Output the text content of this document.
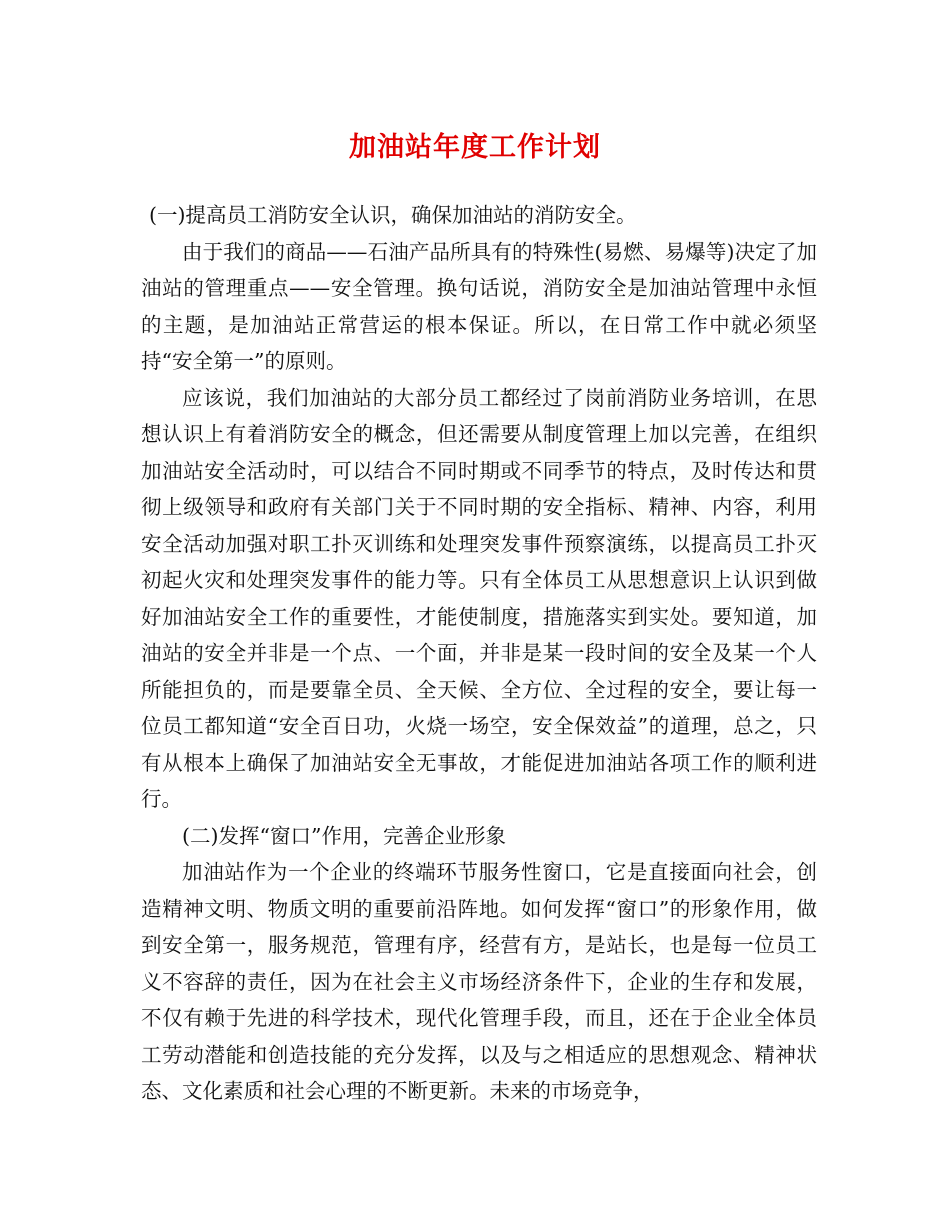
加油站年度工作计划

(一)提高员工消防安全认识，确保加油站的消防安全。

由于我们的商品——石油产品所具有的特殊性(易燃、易爆等)决定了加油站的管理重点——安全管理。换句话说，消防安全是加油站管理中永恒的主题，是加油站正常营运的根本保证。所以，在日常工作中就必须坚持“安全第一”的原则。

应该说，我们加油站的大部分员工都经过了岗前消防业务培训，在思想认识上有着消防安全的概念，但还需要从制度管理上加以完善，在组织加油站安全活动时，可以结合不同时期或不同季节的特点，及时传达和贯彻上级领导和政府有关部门关于不同时期的安全指标、精神、内容，利用安全活动加强对职工扑灭训练和处理突发事件预察演练，以提高员工扑灭初起火灾和处理突发事件的能力等。只有全体员工从思想意识上认识到做好加油站安全工作的重要性，才能使制度，措施落实到实处。要知道，加油站的安全并非是一个点、一个面，并非是某一段时间的安全及某一个人所能担负的，而是要靠全员、全天候、全方位、全过程的安全，要让每一位员工都知道“安全百日功，火烧一场空，安全保效益”的道理，总之，只有从根本上确保了加油站安全无事故，才能促进加油站各项工作的顺利进行。

(二)发挥“窗口”作用，完善企业形象

加油站作为一个企业的终端环节服务性窗口，它是直接面向社会，创造精神文明、物质文明的重要前沿阵地。如何发挥“窗口”的形象作用，做到安全第一，服务规范，管理有序，经营有方，是站长，也是每一位员工义不容辞的责任，因为在社会主义市场经济条件下，企业的生存和发展，不仅有赖于先进的科学技术，现代化管理手段，而且，还在于企业全体员工劳动潜能和创造技能的充分发挥，以及与之相适应的思想观念、精神状态、文化素质和社会心理的不断更新。未来的市场竞争，
